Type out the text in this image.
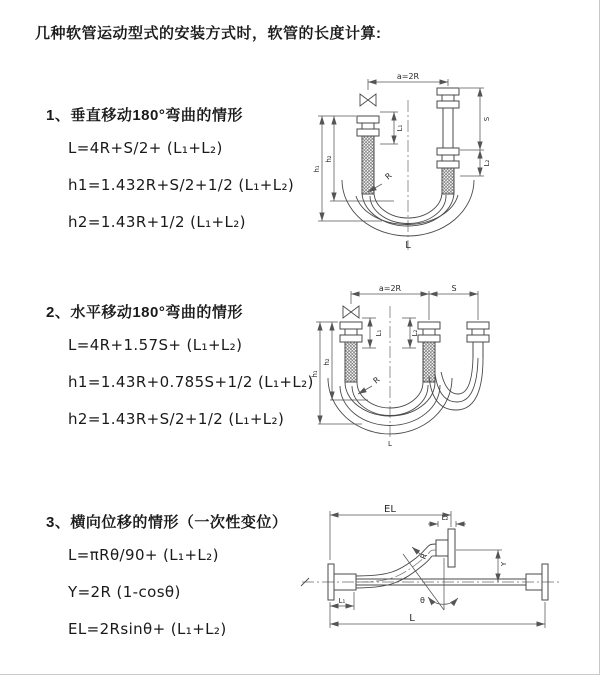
几种软管运动型式的安装方式时，软管的长度计算:
1、垂直移动180°弯曲的情形
L=4R+S/2+ (L₁+L₂)
h1=1.432R+S/2+1/2 (L₁+L₂)
h2=1.43R+1/2 (L₁+L₂)
2、水平移动180°弯曲的情形
L=4R+1.57S+ (L₁+L₂)
h1=1.43R+0.785S+1/2 (L₁+L₂)
h2=1.43R+S/2+1/2 (L₁+L₂)
3、横向位移的情形（一次性变位）
L=πRθ/90+ (L₁+L₂)
Y=2R (1-cosθ)
EL=2Rsinθ+ (L₁+L₂)
a=2R
L₁
S
L₂
h₂
h₁
R
L
a=2R	S
L₁	L₂
h₂
h₁
R
L
EL
L₂
Y
R
θ
L₁
L
